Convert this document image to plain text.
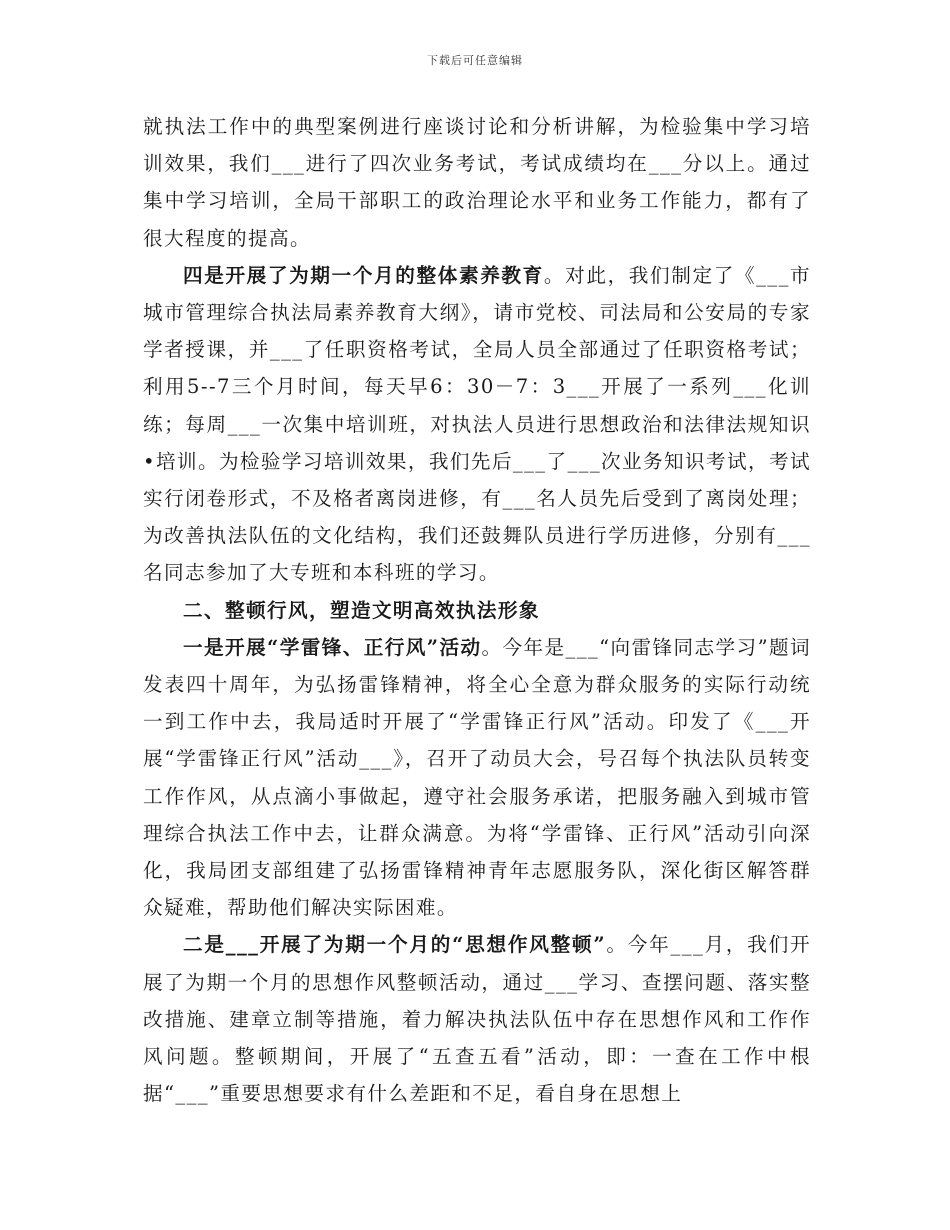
下载后可任意编辑

就执法工作中的典型案例进行座谈讨论和分析讲解，为检验集中学习培训效果，我们___进行了四次业务考试，考试成绩均在___分以上。通过集中学习培训，全局干部职工的政治理论水平和业务工作能力，都有了很大程度的提高。

四是开展了为期一个月的整体素养教育。对此，我们制定了《___市城市管理综合执法局素养教育大纲》，请市党校、司法局和公安局的专家学者授课，并___了任职资格考试，全局人员全部通过了任职资格考试；利用5--7三个月时间，每天早6：30－7：3___开展了一系列___化训练；每周___一次集中培训班，对执法人员进行思想政治和法律法规知识•培训。为检验学习培训效果，我们先后___了___次业务知识考试，考试实行闭卷形式，不及格者离岗进修，有___名人员先后受到了离岗处理；为改善执法队伍的文化结构，我们还鼓舞队员进行学历进修，分别有___名同志参加了大专班和本科班的学习。

二、整顿行风，塑造文明高效执法形象

一是开展“学雷锋、正行风”活动。今年是___“向雷锋同志学习”题词发表四十周年，为弘扬雷锋精神，将全心全意为群众服务的实际行动统一到工作中去，我局适时开展了“学雷锋正行风”活动。印发了《___开展“学雷锋正行风”活动___》，召开了动员大会，号召每个执法队员转变工作作风，从点滴小事做起，遵守社会服务承诺，把服务融入到城市管理综合执法工作中去，让群众满意。为将“学雷锋、正行风”活动引向深化，我局团支部组建了弘扬雷锋精神青年志愿服务队，深化街区解答群众疑难，帮助他们解决实际困难。

二是___开展了为期一个月的“思想作风整顿”。今年___月，我们开展了为期一个月的思想作风整顿活动，通过___学习、查摆问题、落实整改措施、建章立制等措施，着力解决执法队伍中存在思想作风和工作作风问题。整顿期间，开展了“五查五看”活动，即：一查在工作中根据“___”重要思想要求有什么差距和不足，看自身在思想上
